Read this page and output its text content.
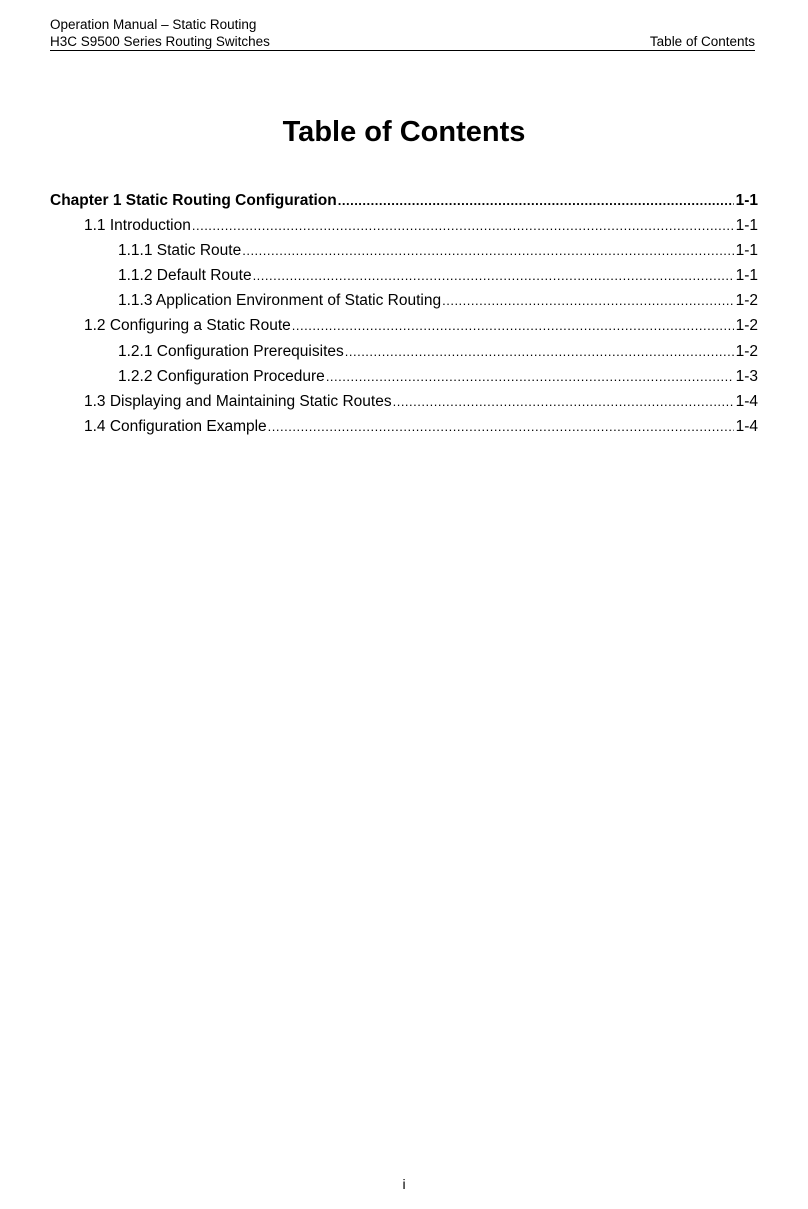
Operation Manual – Static Routing
H3C S9500 Series Routing Switches	Table of Contents
Table of Contents
Chapter 1 Static Routing Configuration .....	1-1
1.1 Introduction .....	1-1
1.1.1 Static Route .....	1-1
1.1.2 Default Route .....	1-1
1.1.3 Application Environment of Static Routing .....	1-2
1.2 Configuring a Static Route .....	1-2
1.2.1 Configuration Prerequisites .....	1-2
1.2.2 Configuration Procedure .....	1-3
1.3 Displaying and Maintaining Static Routes .....	1-4
1.4 Configuration Example .....	1-4
i
